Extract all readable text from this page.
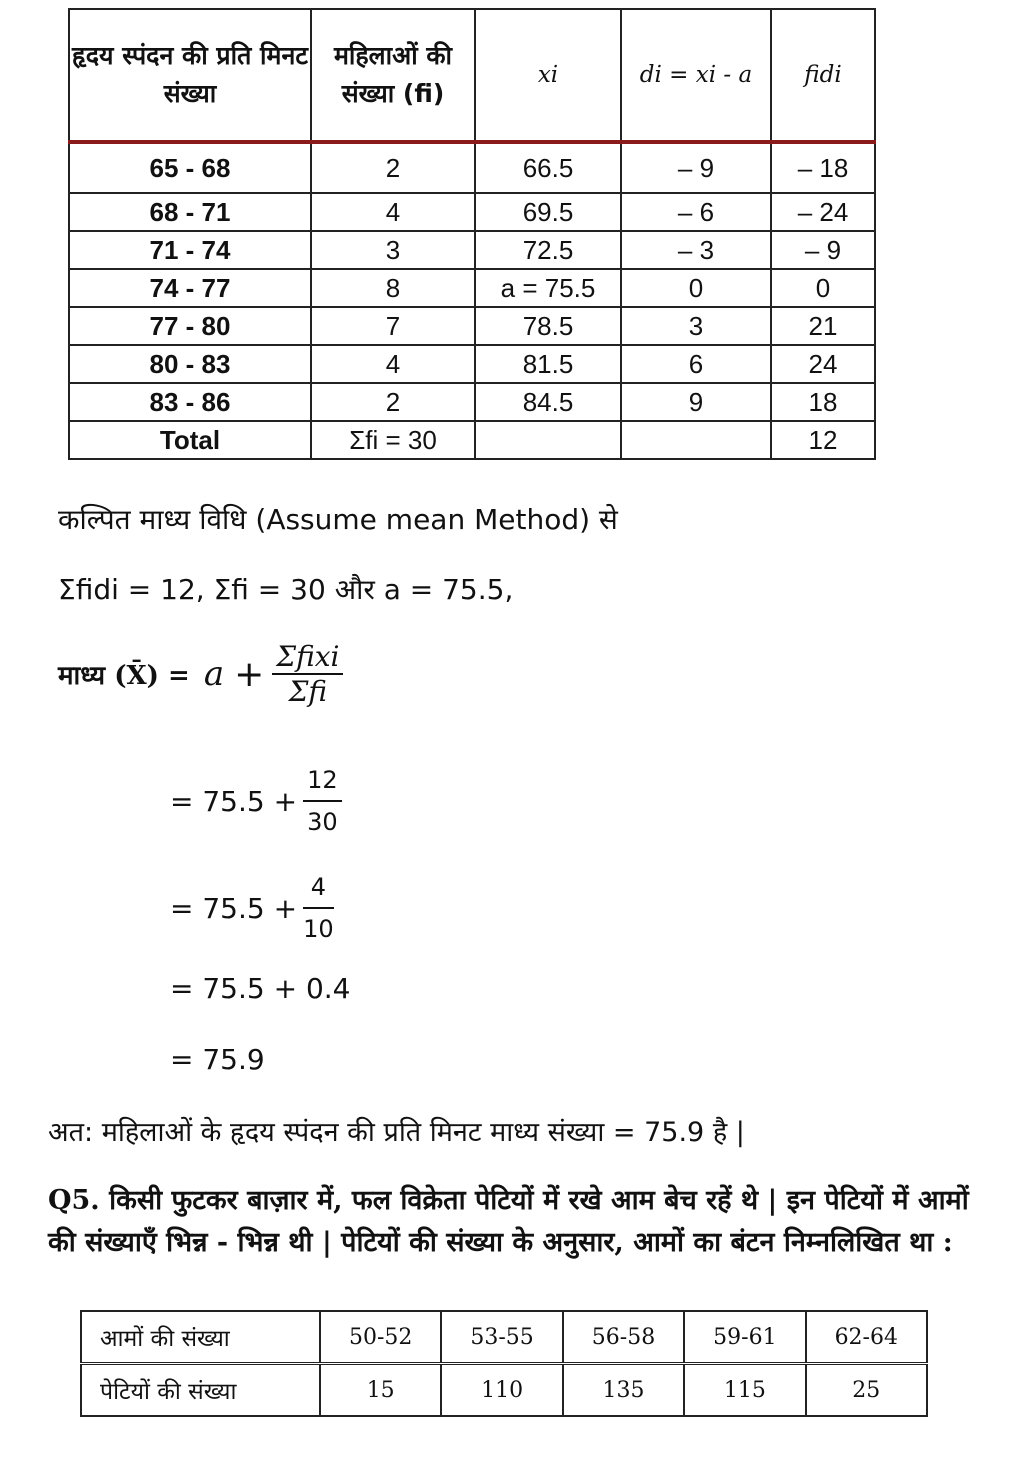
हृदय स्पंदन की प्रति मिनट संख्या	महिलाओं की संख्या (fi)	xi	di = xi - a	fidi
65 - 68	2	66.5	– 9	– 18
68 - 71	4	69.5	– 6	– 24
71 - 74	3	72.5	– 3	– 9
74 - 77	8	a = 75.5	0	0
77 - 80	7	78.5	3	21
80 - 83	4	81.5	6	24
83 - 86	2	84.5	9	18
Total	Σfi = 30			12
कल्पित माध्य विधि (Assume mean Method) से
Σfidi = 12, Σfi = 30 और a = 75.5,
माध्य (X̄) = $a + \frac{\text{Σfixi}}{\text{Σfi}}$
= $75.5 + \frac{12}{30}$
= $75.5 + \frac{4}{10}$
= 75.5 + 0.4
= 75.9
अत: महिलाओं के हृदय स्पंदन की प्रति मिनट माध्य संख्या = 75.9 है |
Q5. किसी फुटकर बाज़ार में, फल विक्रेता पेटियों में रखे आम बेच रहें थे | इन पेटियों में आमों की संख्याएँ भिन्न - भिन्न थी | पेटियों की संख्या के अनुसार, आमों का बंटन निम्नलिखित था :
आमों की संख्या	50-52	53-55	56-58	59-61	62-64
पेटियों की संख्या	15	110	135	115	25
